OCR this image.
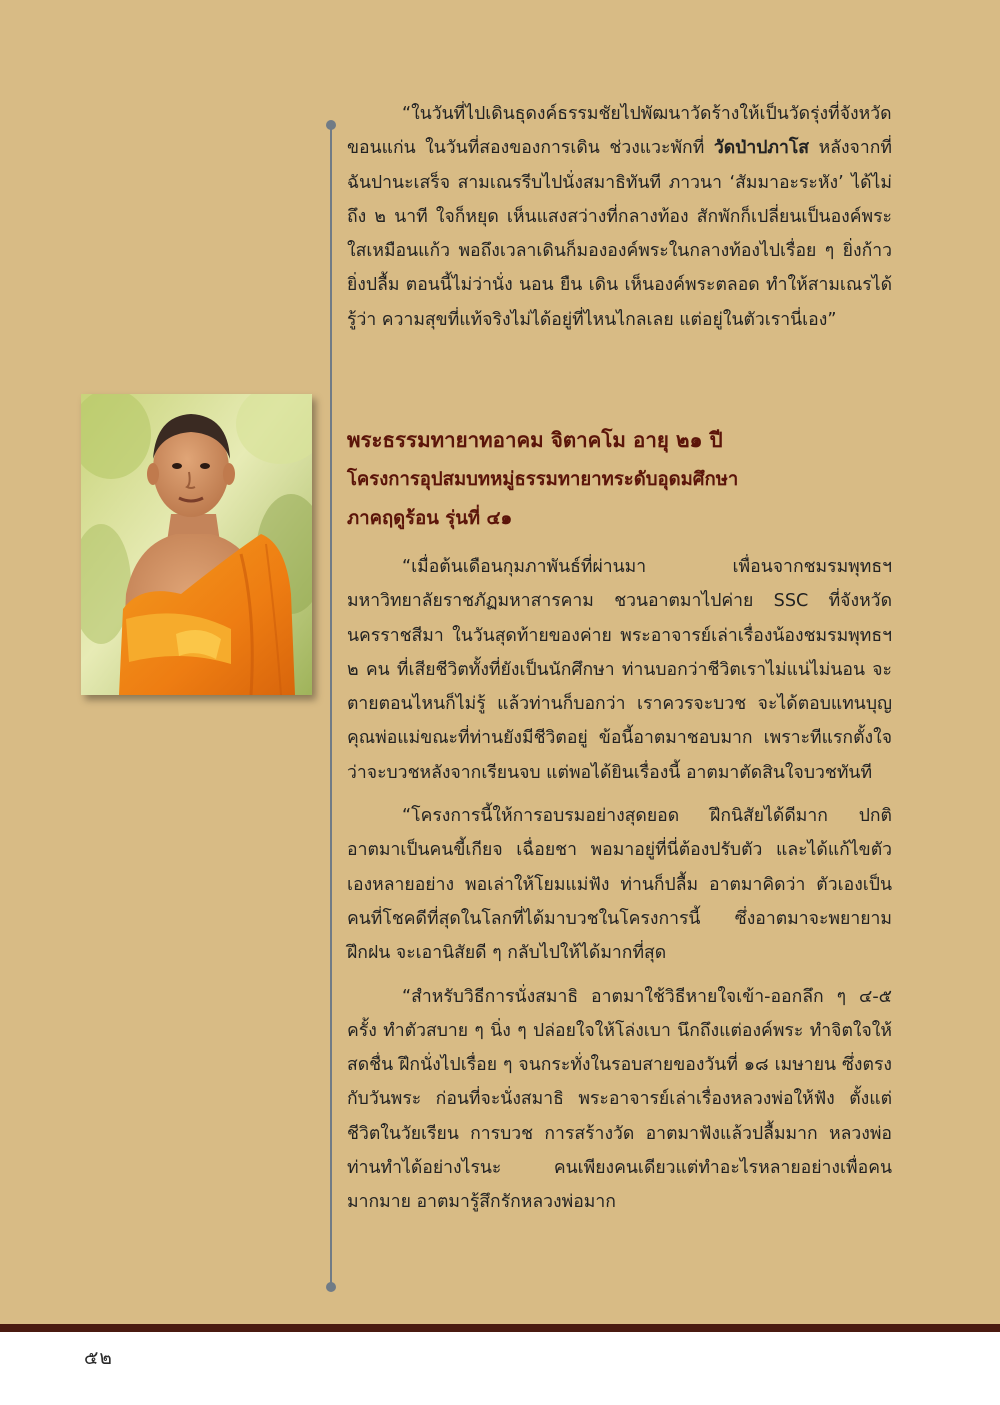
“ในวันที่ไปเดินธุดงค์ธรรมชัยไปพัฒนาวัดร้างให้เป็นวัดรุ่งที่จังหวัดขอนแก่น ในวันที่สองของการเดิน ช่วงแวะพักที่ วัดป่าปภาโส หลังจากที่ฉันปานะเสร็จ สามเณรรีบไปนั่งสมาธิทันที ภาวนา ‘สัมมาอะระหัง’ ได้ไม่ถึง ๒ นาที ใจก็หยุด เห็นแสงสว่างที่กลางท้อง สักพักก็เปลี่ยนเป็นองค์พระใสเหมือนแก้ว พอถึงเวลาเดินก็มององค์พระในกลางท้องไปเรื่อย ๆ ยิ่งก้าว ยิ่งปลื้ม ตอนนี้ไม่ว่านั่ง นอน ยืน เดิน เห็นองค์พระตลอด ทำให้สามเณรได้รู้ว่า ความสุขที่แท้จริงไม่ได้อยู่ที่ไหนไกลเลย แต่อยู่ในตัวเรานี่เอง”

พระธรรมทายาทอาคม จิตาคโม อายุ ๒๑ ปี

โครงการอุปสมบทหมู่ธรรมทายาทระดับอุดมศึกษา

ภาคฤดูร้อน รุ่นที่ ๔๑

“เมื่อต้นเดือนกุมภาพันธ์ที่ผ่านมา เพื่อนจากชมรมพุทธฯ มหาวิทยาลัยราชภัฏมหาสารคาม ชวนอาตมาไปค่าย SSC ที่จังหวัดนครราชสีมา ในวันสุดท้ายของค่าย พระอาจารย์เล่าเรื่องน้องชมรมพุทธฯ ๒ คน ที่เสียชีวิตทั้งที่ยังเป็นนักศึกษา ท่านบอกว่าชีวิตเราไม่แน่ไม่นอน จะตายตอนไหนก็ไม่รู้ แล้วท่านก็บอกว่า เราควรจะบวช จะได้ตอบแทนบุญคุณพ่อแม่ขณะที่ท่านยังมีชีวิตอยู่ ข้อนี้อาตมาชอบมาก เพราะทีแรกตั้งใจว่าจะบวชหลังจากเรียนจบ แต่พอได้ยินเรื่องนี้ อาตมาตัดสินใจบวชทันที

“โครงการนี้ให้การอบรมอย่างสุดยอด ฝึกนิสัยได้ดีมาก ปกติอาตมาเป็นคนขี้เกียจ เฉื่อยชา พอมาอยู่ที่นี่ต้องปรับตัว และได้แก้ไขตัวเองหลายอย่าง พอเล่าให้โยมแม่ฟัง ท่านก็ปลื้ม อาตมาคิดว่า ตัวเองเป็นคนที่โชคดีที่สุดในโลกที่ได้มาบวชในโครงการนี้ ซึ่งอาตมาจะพยายามฝึกฝน จะเอานิสัยดี ๆ กลับไปให้ได้มากที่สุด

“สำหรับวิธีการนั่งสมาธิ อาตมาใช้วิธีหายใจเข้า-ออกลึก ๆ ๔-๕ ครั้ง ทำตัวสบาย ๆ นิ่ง ๆ ปล่อยใจให้โล่งเบา นึกถึงแต่องค์พระ ทำจิตใจให้สดชื่น ฝึกนั่งไปเรื่อย ๆ จนกระทั่งในรอบสายของวันที่ ๑๘ เมษายน ซึ่งตรงกับวันพระ ก่อนที่จะนั่งสมาธิ พระอาจารย์เล่าเรื่องหลวงพ่อให้ฟัง ตั้งแต่ชีวิตในวัยเรียน การบวช การสร้างวัด อาตมาฟังแล้วปลื้มมาก หลวงพ่อท่านทำได้อย่างไรนะ คนเพียงคนเดียวแต่ทำอะไรหลายอย่างเพื่อคนมากมาย อาตมารู้สึกรักหลวงพ่อมาก

๕๒
